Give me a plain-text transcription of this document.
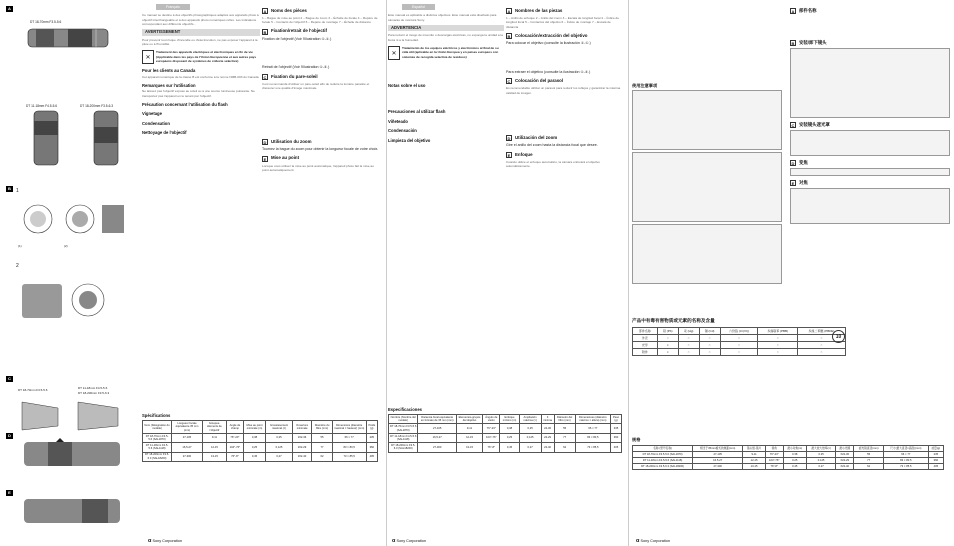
A
DT 18-70mm F3.5-5.6
DT 11-18mm F4.5-5.6	DT 18-200mm F3.5-6.3
B	1
(1)	(2)
2
C
DT 18-70mm F3.5-5.6	DT 11-18mm F4.5-5.6
DT 18-200mm F3.5-6.3
D
E
Français

Ce manuel se destine à des objectifs photographiques adaptés aux appareils photo à objectif interchangeable et à des appareils photo numériques reflex. Les indications correspondant aux différents objectifs...

AVERTISSEMENT

Pour prévenir tout risque d'incendie ou d'électrocution, ne pas exposer l'appareil à la pluie ou à l'humidité.

✕

Traitement des appareils électriques et électroniques en fin de vie (Applicable dans les pays de l'Union Européenne et aux autres pays européens disposant de systèmes de collecte sélective)

Pour les clients au Canada

Cet appareil numérique de la classe B est conforme à la norme NMB-003 du Canada.

Remarques sur l'utilisation

Ne laissez pas l'objectif exposé au soleil ou à une source lumineuse puissante. Ne transportez pas l'appareil en le tenant par l'objectif.

Précaution concernant l'utilisation du flash
Vignetage
Condensation
Nettoyage de l'objectif
A	Noms des pièces

1 – Bague de mise au point 2 – Bague de zoom 3 – Échelle de focale 4 – Repère de focale 5 – Contacts de l'objectif 6 – Repère de montage 7 – Échelle de distance

B	Fixation/retrait de l'objectif

Fixation de l'objectif (Voir l'illustration ①-①.)

Retrait de l'objectif (Voir l'illustration ①-②.)

C	Fixation du pare-soleil

Il est recommandé d'utiliser un pare-soleil afin de réduire la lumière parasite et d'assurer une qualité d'image maximale.

D	Utilisation du zoom

Tournez la bague du zoom pour obtenir la longueur focale de votre choix.

E	Mise au point

Lorsque vous utilisez la mise au point automatique, l'appareil photo fait la mise au point automatiquement.

Spécifications
Nom (Désignation du modèle)	Longueur focale équivalente 35 mm (mm)	Groupes-éléments de l'objectif	Angle de champ	Mise au point minimale (m)	Grossissement maximal (×)	Ouverture minimale	Diamètre du filtre (mm)	Dimensions (diamètre maximal × hauteur) (mm)	Poids (g)
DT 18-70mm F3.5-5.6 (SAL1870)	27-105	9-11	76°-23°	0,38	0,25	f/22-36	55	66 × 77	235
DT 11-18mm F4.5-5.6 (SAL1118)	16,5-27	12-15	104°-76°	0,25	0,125	f/22-29	77	83 × 80,5	360
DT 18-200mm F3.5-6.3 (SAL18200)	27-300	13-15	76°-8°	0,45	0,27	f/22-40	62	73 × 85,5	405
α Sony Corporation
Español

Este manual es aplicable a distintos objetivos. Este manual está diseñado para cámaras de montura Sony.

ADVERTENCIA

Para reducir el riesgo de incendio o descargas eléctricas, no exponga la unidad a la lluvia ni a la humedad.

✕

Tratamiento de los equipos eléctricos y electrónicos al final de su vida útil (aplicable en la Unión Europea y en países europeos con sistemas de recogida selectiva de residuos)

Notas sobre el uso
Precauciones al utilizar flash
Viñeteado
Condensación
Limpieza del objetivo
A	Nombres de las piezas

1 – Anillo de enfoque 2 – Anillo del zoom 3 – Escala de longitud focal 4 – Índice de longitud focal 5 – Contactos del objetivo 6 – Índice de montaje 7 – Escala de distancia

B	Colocación/extracción del objetivo

Para colocar el objetivo (consulte la ilustración ①-①.)

Para extraer el objetivo (consulte la ilustración ①-②.)

C	Colocación del parasol

Es recomendable utilizar un parasol para reducir los reflejos y garantizar la máxima calidad de imagen.

D	Utilización del zoom

Gire el anillo del zoom hasta la distancia focal que desee.

E	Enfoque

Cuando utilice el enfoque automático, la cámara enfocará el objetivo automáticamente.

Especificaciones
Nombre (Nombre del modelo)	Distancia focal equivalente en formato de 35 mm (mm)	Elementos-grupos del objetivo	Ángulo de visión	Enfoque mínimo (m)	Ampliación máxima (×)	F mínima	Diámetro del filtro (mm)	Dimensiones (diámetro máximo × altura) (mm)	Peso (g)
DT 18-70mm F3.5-5.6 (SAL1870)	27-105	9-11	76°-23°	0,38	0,25	22-36	55	66 × 77	235
DT 11-18mm F4.5-5.6 (SAL1118)	16,5-27	12-15	104°-76°	0,25	0,125	22-29	77	83 × 80,5	360
DT 18-200mm F3.5-6.3 (SAL18200)	27-300	13-15	76°-8°	0,45	0,27	22-40	62	73 × 85,5	405
α Sony Corporation
使用注意事项
A	部件名称
B	安装/卸下镜头
C	安装镜头遮光罩
D	变焦
E	对焦
产品中有毒有害物质或元素的名称及含量
部件名称	铅 (Pb)	汞 (Hg)	镉 (Cd)	六价铬 (Cr(VI))	多溴联苯 (PBB)	多溴二苯醚 (PBDE)
外壳	○	○	○	○	○	○
光学	×	○	○	○	○	○
附件	×	○	○	○	○	○
10
规格
名称 (型号名称)	相当于35mm格式的焦距(mm)	镜头组-镜片	视角	最小对焦(m)	最大放大倍率(×)	最小光圈	滤光镜直径(mm)	尺寸(最大直径×高度)(mm)	质量(g)
DT 18-70mm F3.5-5.6 (SAL1870)	27-105	9-11	76°-23°	0.38	0.25	f/22-36	55	66 × 77	235
DT 11-18mm F4.5-5.6 (SAL1118)	16.5-27	12-15	104°-76°	0.25	0.125	f/22-29	77	83 × 80.5	360
DT 18-200mm F3.5-6.3 (SAL18200)	27-300	13-15	76°-8°	0.45	0.27	f/22-40	62	73 × 85.5	405
α Sony Corporation
